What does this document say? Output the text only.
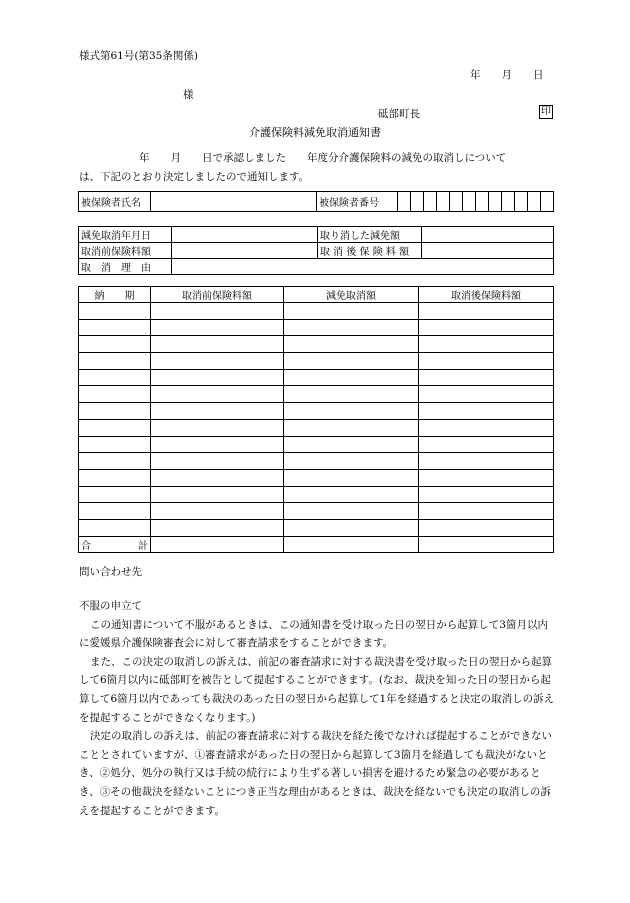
様式第61号(第35条関係)
年　　月　　日
様
砥部町長	印
介護保険料減免取消通知書
年　　月　　日で承認しました　　年度分介護保険料の減免の取消しについて
は、下記のとおり決定しましたので通知します。
被保険者氏名		被保険者番号												
減免取消年月日		取り消した減免額	
取消前保険料額		取 消 後 保 険 料 額	
取　消　理　由			
納　　期	取消前保険料額	減免取消額	取消後保険料額

合　　　計			
問い合わせ先

不服の申立て

この通知書について不服があるときは、この通知書を受け取った日の翌日から起算して3箇月以内に愛媛県介護保険審査会に対して審査請求をすることができます。

また、この決定の取消しの訴えは、前記の審査請求に対する裁決書を受け取った日の翌日から起算して6箇月以内に砥部町を被告として提起することができます。(なお、裁決を知った日の翌日から起算して6箇月以内であっても裁決のあった日の翌日から起算して1年を経過すると決定の取消しの訴えを提起することができなくなります。)

決定の取消しの訴えは、前記の審査請求に対する裁決を経た後でなければ提起することができないこととされていますが、①審査請求があった日の翌日から起算して3箇月を経過しても裁決がないとき、②処分、処分の執行又は手続の続行により生ずる著しい損害を避けるため緊急の必要があるとき、③その他裁決を経ないことにつき正当な理由があるときは、裁決を経ないでも決定の取消しの訴えを提起することができます。
